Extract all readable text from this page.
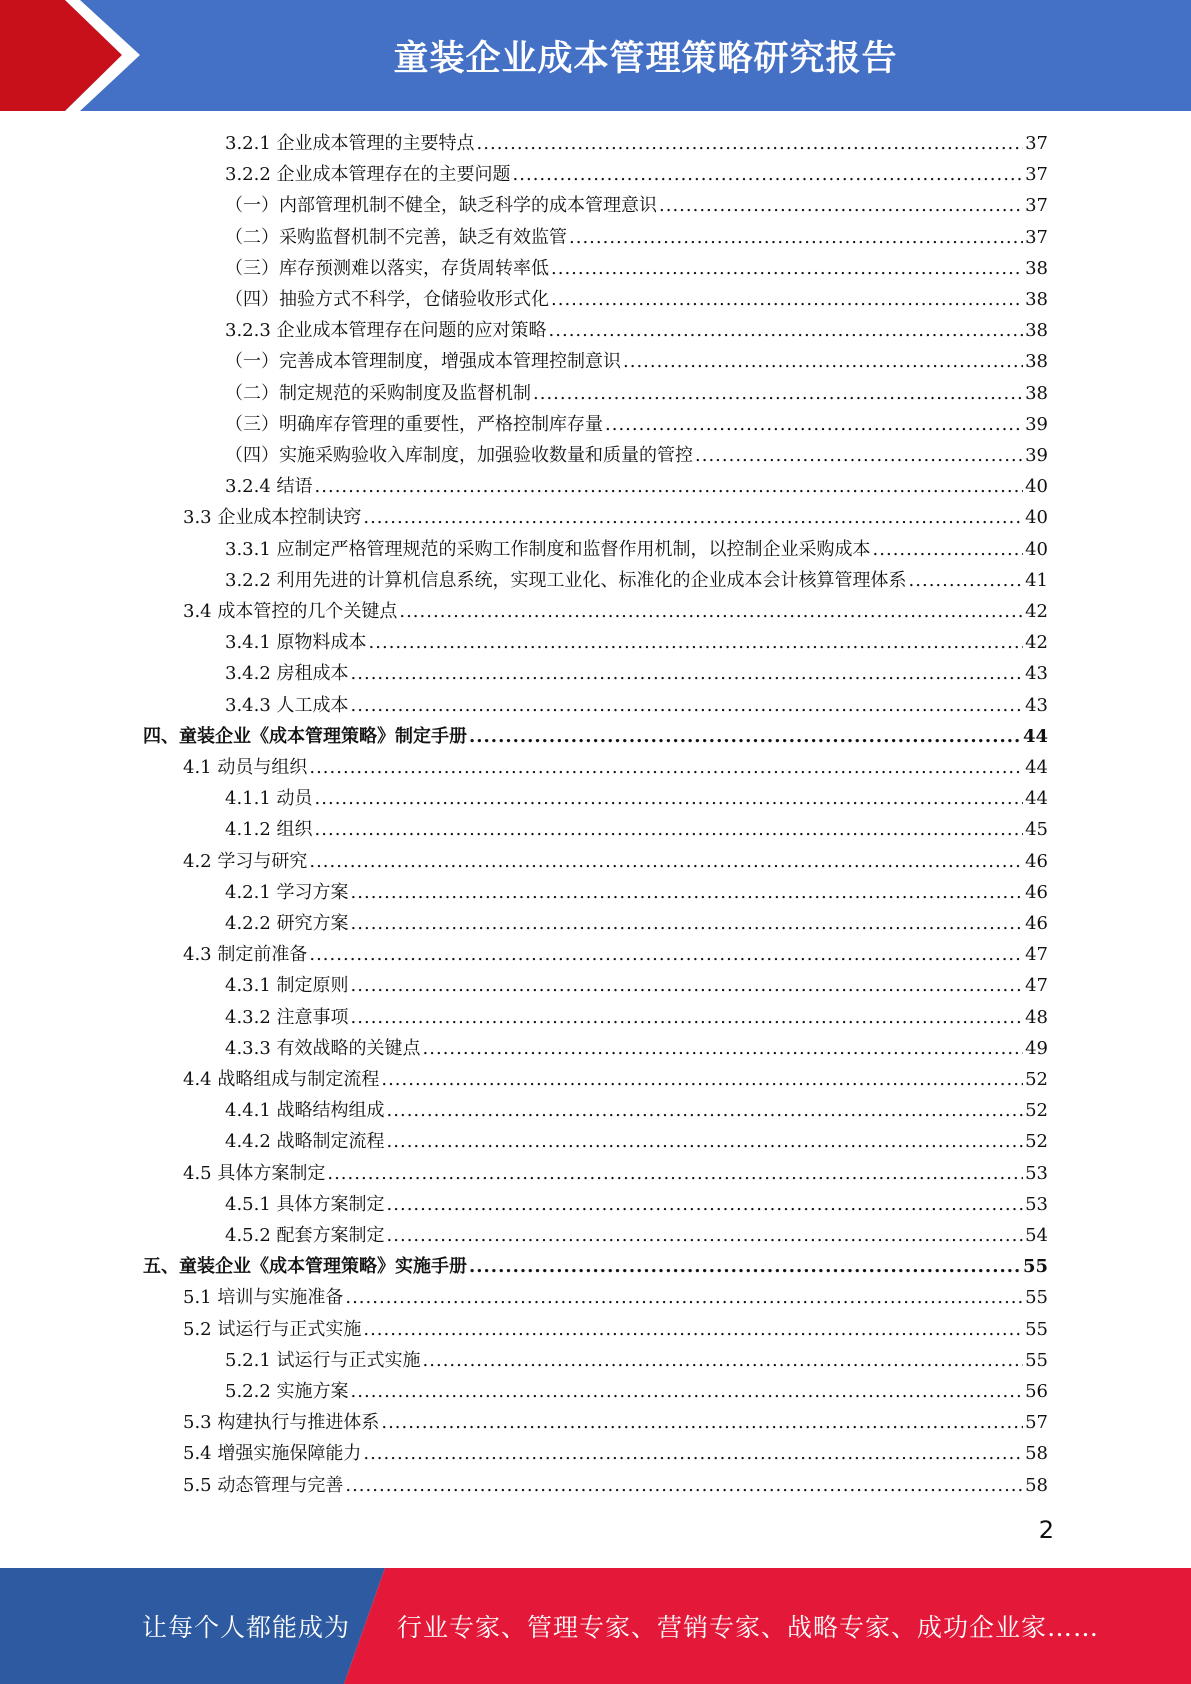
童装企业成本管理策略研究报告
3.2.1 企业成本管理的主要特点 .....	37
3.2.2 企业成本管理存在的主要问题 .....	37
（一）内部管理机制不健全，缺乏科学的成本管理意识 .....	37
（二）采购监督机制不完善，缺乏有效监管 .....	37
（三）库存预测难以落实，存货周转率低 .....	38
（四）抽验方式不科学，仓储验收形式化 .....	38
3.2.3 企业成本管理存在问题的应对策略 .....	38
（一）完善成本管理制度，增强成本管理控制意识 .....	38
（二）制定规范的采购制度及监督机制 .....	38
（三）明确库存管理的重要性，严格控制库存量 .....	39
（四）实施采购验收入库制度，加强验收数量和质量的管控 .....	39
3.2.4 结语 .....	40
3.3 企业成本控制诀窍 .....	40
3.3.1 应制定严格管理规范的采购工作制度和监督作用机制，以控制企业采购成本 .....	40
3.2.2 利用先进的计算机信息系统，实现工业化、标准化的企业成本会计核算管理体系 .....	41
3.4 成本管控的几个关键点 .....	42
3.4.1 原物料成本 .....	42
3.4.2 房租成本 .....	43
3.4.3 人工成本 .....	43
四、童装企业《成本管理策略》制定手册 .....	44
4.1 动员与组织 .....	44
4.1.1 动员 .....	44
4.1.2 组织 .....	45
4.2 学习与研究 .....	46
4.2.1 学习方案 .....	46
4.2.2 研究方案 .....	46
4.3 制定前准备 .....	47
4.3.1 制定原则 .....	47
4.3.2 注意事项 .....	48
4.3.3 有效战略的关键点 .....	49
4.4 战略组成与制定流程 .....	52
4.4.1 战略结构组成 .....	52
4.4.2 战略制定流程 .....	52
4.5 具体方案制定 .....	53
4.5.1 具体方案制定 .....	53
4.5.2 配套方案制定 .....	54
五、童装企业《成本管理策略》实施手册 .....	55
5.1 培训与实施准备 .....	55
5.2 试运行与正式实施 .....	55
5.2.1 试运行与正式实施 .....	55
5.2.2 实施方案 .....	56
5.3 构建执行与推进体系 .....	57
5.4 增强实施保障能力 .....	58
5.5 动态管理与完善 .....	58
2
让每个人都能成为 行业专家、管理专家、营销专家、战略专家、成功企业家……
